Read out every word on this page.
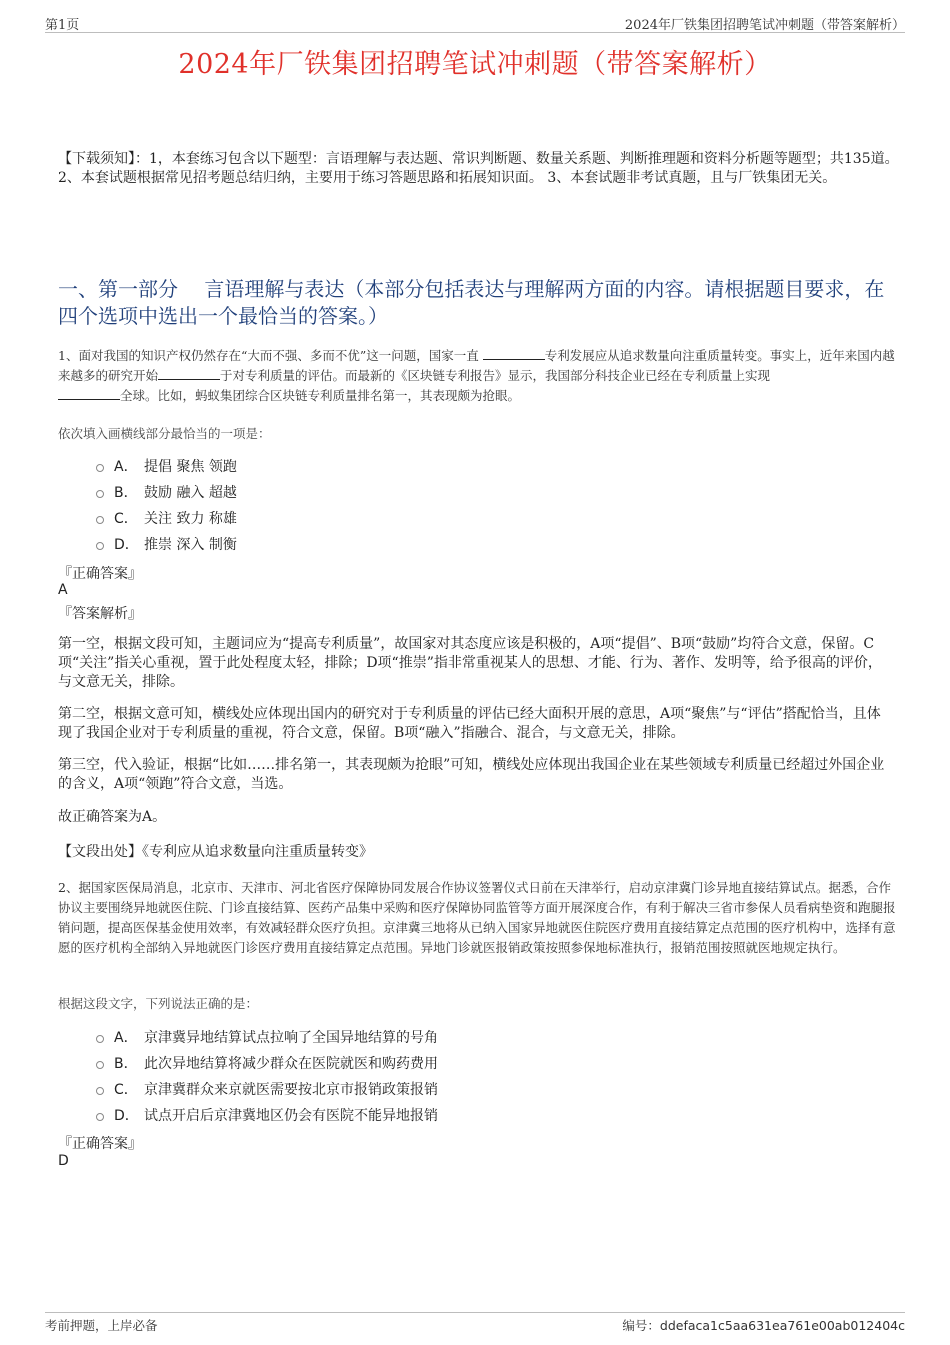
第1页	2024年厂铁集团招聘笔试冲刺题（带答案解析）
2024年厂铁集团招聘笔试冲刺题（带答案解析）
【下载须知】：1，本套练习包含以下题型：言语理解与表达题、常识判断题、数量关系题、判断推理题和资料分析题等题型；共135道。 2、本套试题根据常见招考题总结归纳，主要用于练习答题思路和拓展知识面。 3、本套试题非考试真题，且与厂铁集团无关。
一、第一部分　 言语理解与表达（本部分包括表达与理解两方面的内容。请根据题目要求，在四个选项中选出一个最恰当的答案。）
1、面对我国的知识产权仍然存在“大而不强、多而不优”这一问题，国家一直	专利发展应从追求数量向注重质量转变。事实上，近年来国内越来越多的研究开始	于对专利质量的评估。而最新的《区块链专利报告》显示，我国部分科技企业已经在专利质量上实现
全球。比如，蚂蚁集团综合区块链专利质量排名第一，其表现颇为抢眼。
依次填入画横线部分最恰当的一项是：
A． 提倡 聚焦 领跑
B． 鼓励 融入 超越
C． 关注 致力 称雄
D． 推崇 深入 制衡
『正确答案』
A
『答案解析』
第一空，根据文段可知，主题词应为“提高专利质量”，故国家对其态度应该是积极的，A项“提倡”、B项“鼓励”均符合文意，保留。C项“关注”指关心重视，置于此处程度太轻，排除；D项“推崇”指非常重视某人的思想、才能、行为、著作、发明等，给予很高的评价，与文意无关，排除。
第二空，根据文意可知，横线处应体现出国内的研究对于专利质量的评估已经大面积开展的意思，A项“聚焦”与“评估”搭配恰当，且体现了我国企业对于专利质量的重视，符合文意，保留。B项“融入”指融合、混合，与文意无关，排除。
第三空，代入验证，根据“比如……排名第一，其表现颇为抢眼”可知，横线处应体现出我国企业在某些领域专利质量已经超过外国企业的含义，A项“领跑”符合文意，当选。
故正确答案为A。
【文段出处】《专利应从追求数量向注重质量转变》
2、据国家医保局消息，北京市、天津市、河北省医疗保障协同发展合作协议签署仪式日前在天津举行，启动京津冀门诊异地直接结算试点。据悉，合作协议主要围绕异地就医住院、门诊直接结算、医药产品集中采购和医疗保障协同监管等方面开展深度合作，有利于解决三省市参保人员看病垫资和跑腿报销问题，提高医保基金使用效率，有效减轻群众医疗负担。京津冀三地将从已纳入国家异地就医住院医疗费用直接结算定点范围的医疗机构中，选择有意愿的医疗机构全部纳入异地就医门诊医疗费用直接结算定点范围。异地门诊就医报销政策按照参保地标准执行，报销范围按照就医地规定执行。
根据这段文字，下列说法正确的是：
A． 京津冀异地结算试点拉响了全国异地结算的号角
B． 此次异地结算将减少群众在医院就医和购药费用
C． 京津冀群众来京就医需要按北京市报销政策报销
D． 试点开启后京津冀地区仍会有医院不能异地报销
『正确答案』
D
考前押题，上岸必备	编号：ddefaca1c5aa631ea761e00ab012404c
